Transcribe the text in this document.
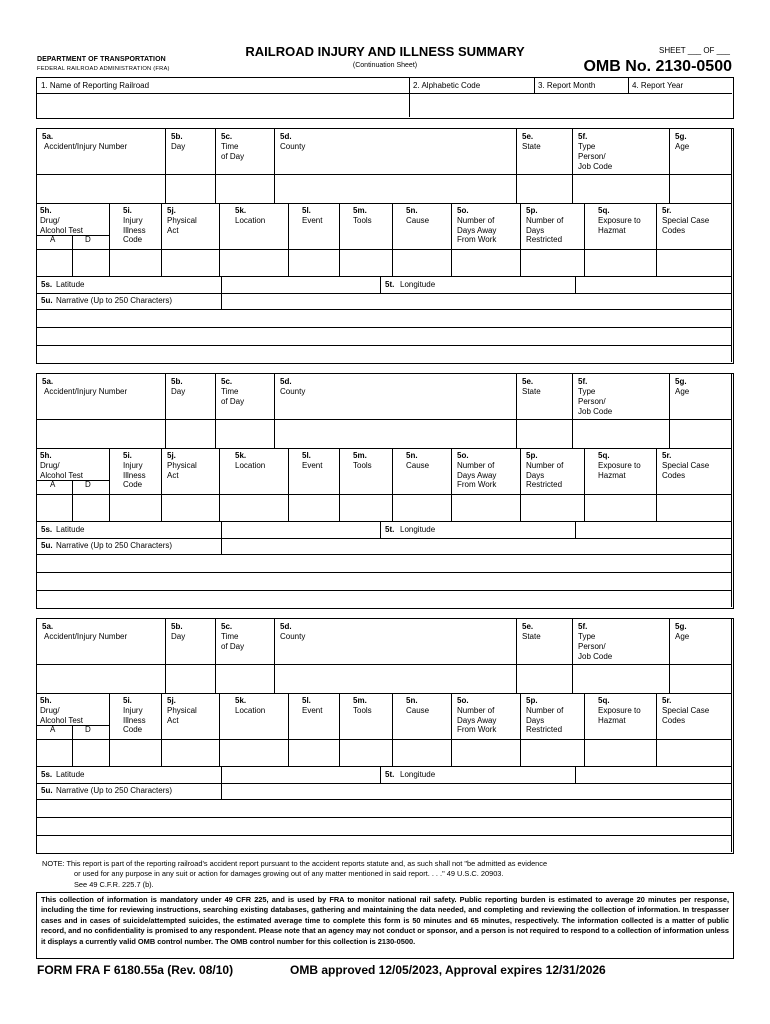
DEPARTMENT OF TRANSPORTATION
FEDERAL RAILROAD ADMINISTRATION (FRA)
RAILROAD INJURY AND ILLNESS SUMMARY
(Continuation Sheet)
SHEET ___ OF ___
OMB No. 2130-0500
1. Name of Reporting Railroad	2. Alphabetic Code	3. Report Month	4. Report Year
5a.
Accident/Injury Number
5b.
Day
5c.
Time
of Day
5d.
County
5e.
State
5f.
Type
Person/
Job Code
5g.
Age
5h.
Drug/
Alcohol Test
5i.
Injury
Illness
Code
5j.
Physical
Act
5k.
Location
5l.
Event
5m.
Tools
5n.
Cause
5o.
Number of
Days Away
From Work
5p.
Number of
Days
Restricted
5q.
Exposure to
Hazmat
5r.
Special Case
Codes
A	D
5s. Latitude	5t. Longitude
5u. Narrative (Up to 250 Characters)
5a.
Accident/Injury Number
5b.
Day
5c.
Time
of Day
5d.
County
5e.
State
5f.
Type
Person/
Job Code
5g.
Age
5h.
Drug/
Alcohol Test
5i.
Injury
Illness
Code
5j.
Physical
Act
5k.
Location
5l.
Event
5m.
Tools
5n.
Cause
5o.
Number of
Days Away
From Work
5p.
Number of
Days
Restricted
5q.
Exposure to
Hazmat
5r.
Special Case
Codes
A	D
5s. Latitude	5t. Longitude
5u. Narrative (Up to 250 Characters)
5a.
Accident/Injury Number
5b.
Day
5c.
Time
of Day
5d.
County
5e.
State
5f.
Type
Person/
Job Code
5g.
Age
5h.
Drug/
Alcohol Test
5i.
Injury
Illness
Code
5j.
Physical
Act
5k.
Location
5l.
Event
5m.
Tools
5n.
Cause
5o.
Number of
Days Away
From Work
5p.
Number of
Days
Restricted
5q.
Exposure to
Hazmat
5r.
Special Case
Codes
A	D
5s. Latitude	5t. Longitude
5u. Narrative (Up to 250 Characters)
NOTE: This report is part of the reporting railroad's accident report pursuant to the accident reports statute and, as such shall not "be admitted as evidence
or used for any purpose in any suit or action for damages growing out of any matter mentioned in said report. . . ." 49 U.S.C. 20903.
See 49 C.F.R. 225.7 (b).
This collection of information is mandatory under 49 CFR 225, and is used by FRA to monitor national rail safety. Public reporting burden is estimated to average 20 minutes per response, including the time for reviewing instructions, searching existing databases, gathering and maintaining the data needed, and completing and reviewing the collection of information. In trespasser cases and in cases of suicide/attempted suicides, the estimated average time to complete this form is 50 minutes and 65 minutes, respectively. The information collected is a matter of public record, and no confidentiality is promised to any respondent. Please note that an agency may not conduct or sponsor, and a person is not required to respond to a collection of information unless it displays a currently valid OMB control number. The OMB control number for this collection is 2130-0500.
FORM FRA F 6180.55a (Rev. 08/10)	OMB approved 12/05/2023, Approval expires 12/31/2026
